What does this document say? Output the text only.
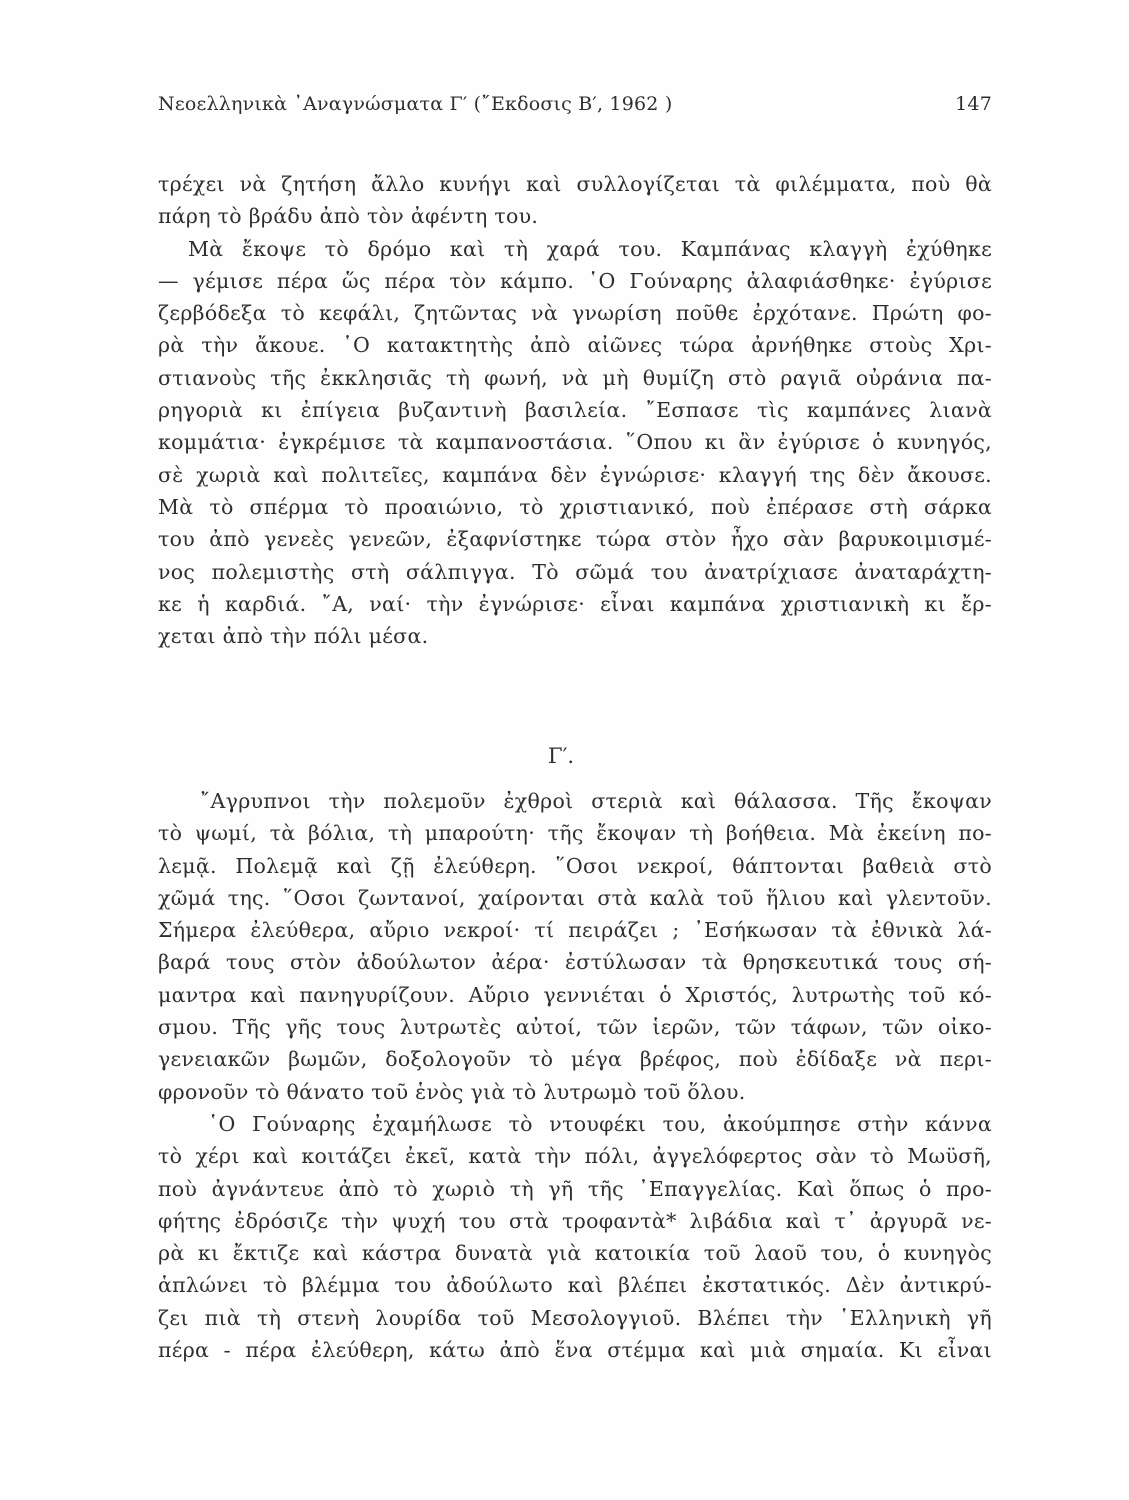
Νεοελληνικὰ ᾿Αναγνώσματα Γ′ (῎Εκδοσις Β′, 1962 )	147
τρέχει νὰ ζητήση ἄλλο κυνήγι καὶ συλλογίζεται τὰ φιλέμματα, ποὺ θὰ
πάρη τὸ βράδυ ἀπὸ τὸν ἀφέντη του.
Μὰ ἔκοψε τὸ δρόμο καὶ τὴ χαρά του. Καμπάνας κλαγγὴ ἐχύθηκε
— γέμισε πέρα ὥς πέρα τὸν κάμπο. ῾Ο Γούναρης ἀλαφιάσθηκε· ἐγύρισε
ζερβόδεξα τὸ κεφάλι, ζητῶντας νὰ γνωρίση ποῦθε ἐρχότανε. Πρώτη φο-
ρὰ τὴν ἄκουε. ῾Ο κατακτητὴς ἀπὸ αἰῶνες τώρα ἀρνήθηκε στοὺς Χρι-
στιανοὺς τῆς ἐκκλησιᾶς τὴ φωνή, νὰ μὴ θυμίζη στὸ ραγιᾶ οὐράνια πα-
ρηγοριὰ κι ἐπίγεια βυζαντινὴ βασιλεία. ῎Εσπασε τὶς καμπάνες λιανὰ
κομμάτια· ἐγκρέμισε τὰ καμπανοστάσια. ῞Οπου κι ἂν ἐγύρισε ὁ κυνηγός,
σὲ χωριὰ καὶ πολιτεῖες, καμπάνα δὲν ἐγνώρισε· κλαγγή της δὲν ἄκουσε.
Μὰ τὸ σπέρμα τὸ προαιώνιο, τὸ χριστιανικό, ποὺ ἐπέρασε στὴ σάρκα
του ἀπὸ γενεὲς γενεῶν, ἐξαφνίστηκε τώρα στὸν ἦχο σὰν βαρυκοιμισμέ-
νος πολεμιστὴς στὴ σάλπιγγα. Τὸ σῶμά του ἀνατρίχιασε ἀναταράχτη-
κε ἡ καρδιά. ῎Α, ναί· τὴν ἐγνώρισε· εἶναι καμπάνα χριστιανικὴ κι ἔρ-
χεται ἀπὸ τὴν πόλι μέσα.
Γ′.
῎Αγρυπνοι τὴν πολεμοῦν ἐχθροὶ στεριὰ καὶ θάλασσα. Τῆς ἔκοψαν
τὸ ψωμί, τὰ βόλια, τὴ μπαρούτη· τῆς ἔκοψαν τὴ βοήθεια. Μὰ ἐκείνη πο-
λεμᾷ. Πολεμᾷ καὶ ζῇ ἐλεύθερη. ῞Οσοι νεκροί, θάπτονται βαθειὰ στὸ
χῶμά της. ῞Οσοι ζωντανοί, χαίρονται στὰ καλὰ τοῦ ἥλιου καὶ γλεντοῦν.
Σήμερα ἐλεύθερα, αὔριο νεκροί· τί πειράζει ; ᾿Εσήκωσαν τὰ ἐθνικὰ λά-
βαρά τους στὸν ἀδούλωτον ἀέρα· ἐστύλωσαν τὰ θρησκευτικά τους σή-
μαντρα καὶ πανηγυρίζουν. Αὔριο γεννιέται ὁ Χριστός, λυτρωτὴς τοῦ κό-
σμου. Τῆς γῆς τους λυτρωτὲς αὐτοί, τῶν ἱερῶν, τῶν τάφων, τῶν οἰκο-
γενειακῶν βωμῶν, δοξολογοῦν τὸ μέγα βρέφος, ποὺ ἐδίδαξε νὰ περι-
φρονοῦν τὸ θάνατο τοῦ ἑνὸς γιὰ τὸ λυτρωμὸ τοῦ ὅλου.
῾Ο Γούναρης ἐχαμήλωσε τὸ ντουφέκι του, ἀκούμπησε στὴν κάννα
τὸ χέρι καὶ κοιτάζει ἐκεῖ, κατὰ τὴν πόλι, ἀγγελόφερτος σὰν τὸ Μωϋσῆ,
ποὺ ἀγνάντευε ἀπὸ τὸ χωριὸ τὴ γῆ τῆς ᾿Επαγγελίας. Καὶ ὅπως ὁ προ-
φήτης ἐδρόσιζε τὴν ψυχή του στὰ τροφαντὰ* λιβάδια καὶ τ᾿ ἀργυρᾶ νε-
ρὰ κι ἔκτιζε καὶ κάστρα δυνατὰ γιὰ κατοικία τοῦ λαοῦ του, ὁ κυνηγὸς
ἁπλώνει τὸ βλέμμα του ἀδούλωτο καὶ βλέπει ἐκστατικός. Δὲν ἀντικρύ-
ζει πιὰ τὴ στενὴ λουρίδα τοῦ Μεσολογγιοῦ. Βλέπει τὴν ῾Ελληνικὴ γῆ
πέρα - πέρα ἐλεύθερη, κάτω ἀπὸ ἕνα στέμμα καὶ μιὰ σημαία. Κι εἶναι
